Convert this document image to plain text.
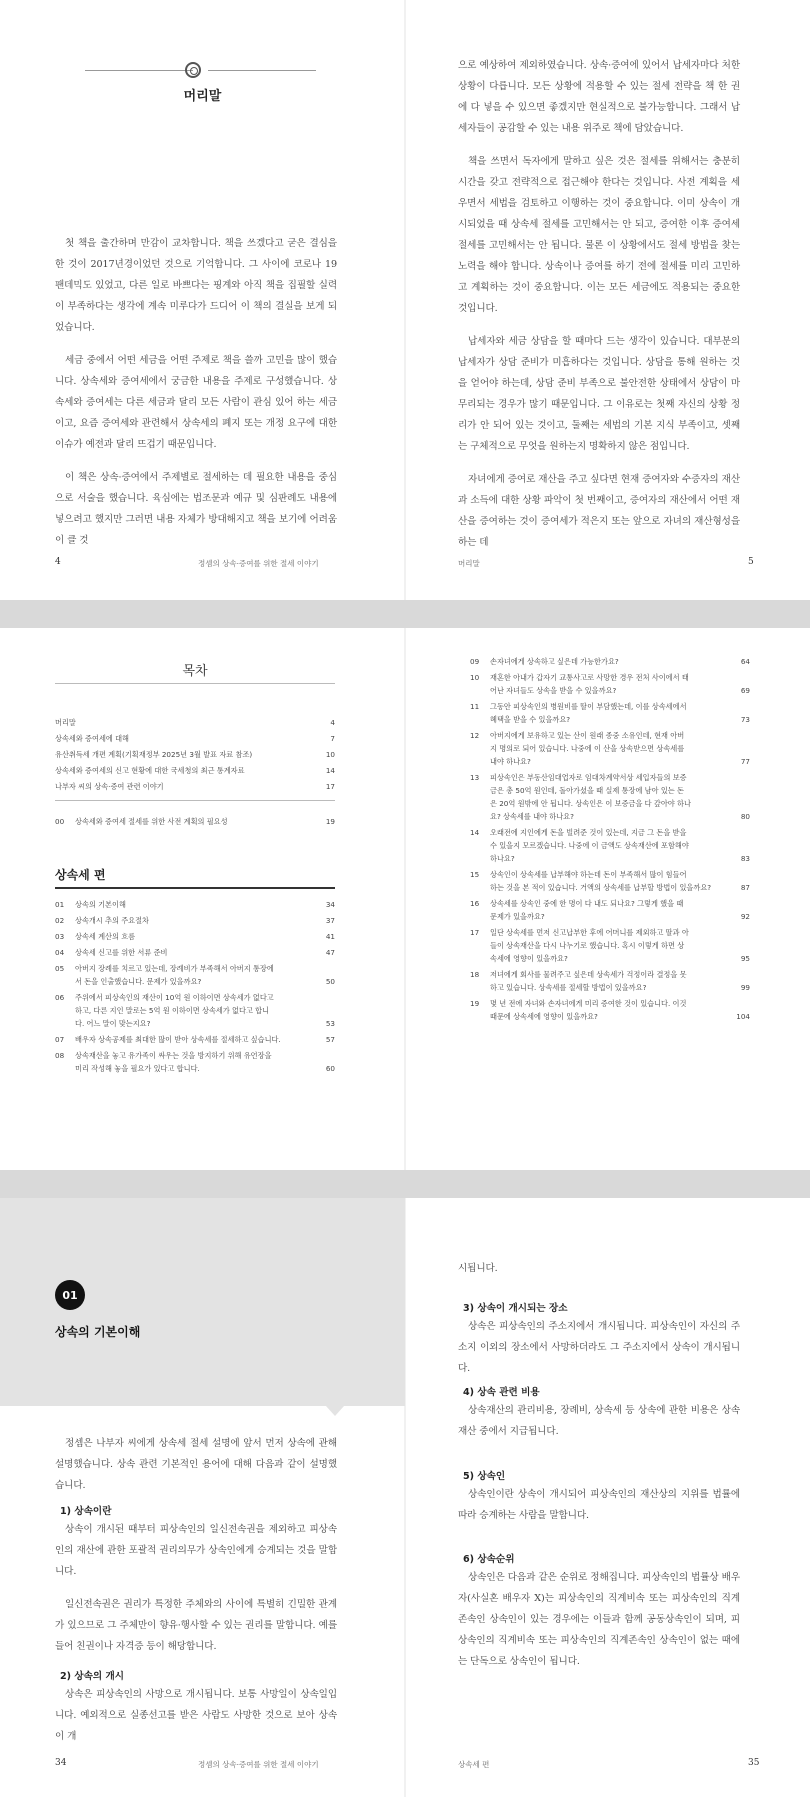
머리말

첫 책을 출간하며 만감이 교차합니다. 책을 쓰겠다고 굳은 결심을 한 것이 2017년경이었던 것으로 기억합니다. 그 사이에 코로나 19 팬데믹도 있었고, 다른 일로 바쁘다는 핑계와 아직 책을 집필할 실력이 부족하다는 생각에 계속 미루다가 드디어 이 책의 결실을 보게 되었습니다.

세금 중에서 어떤 세금을 어떤 주제로 책을 쓸까 고민을 많이 했습니다. 상속세와 증여세에서 궁금한 내용을 주제로 구성했습니다. 상속세와 증여세는 다른 세금과 달리 모든 사람이 관심 있어 하는 세금이고, 요즘 증여세와 관련해서 상속세의 폐지 또는 개정 요구에 대한 이슈가 예전과 달리 뜨겁기 때문입니다.

이 책은 상속·증여에서 주제별로 절세하는 데 필요한 내용을 중심으로 서술을 했습니다. 육심에는 법조문과 예규 및 심판례도 내용에 넣으려고 했지만 그러면 내용 자체가 방대해지고 책을 보기에 어려움이 클 것

4	정셈의 상속·증여를 위한 절세 이야기

으로 예상하여 제외하였습니다. 상속·증여에 있어서 납세자마다 처한 상황이 다릅니다. 모든 상황에 적용할 수 있는 절세 전략을 책 한 권에 다 넣을 수 있으면 좋겠지만 현실적으로 불가능합니다. 그래서 납세자들이 공감할 수 있는 내용 위주로 책에 담았습니다.

책을 쓰면서 독자에게 말하고 싶은 것은 절세를 위해서는 충분히 시간을 갖고 전략적으로 접근해야 한다는 것입니다. 사전 계획을 세우면서 세법을 검토하고 이행하는 것이 중요합니다. 이미 상속이 개시되었을 때 상속세 절세를 고민해서는 안 되고, 증여한 이후 증여세 절세를 고민해서는 안 됩니다. 물론 이 상황에서도 절세 방법을 찾는 노력을 해야 합니다. 상속이나 증여를 하기 전에 절세를 미리 고민하고 계획하는 것이 중요합니다. 이는 모든 세금에도 적용되는 중요한 것입니다.

납세자와 세금 상담을 할 때마다 드는 생각이 있습니다. 대부분의 납세자가 상담 준비가 미흡하다는 것입니다. 상담을 통해 원하는 것을 얻어야 하는데, 상담 준비 부족으로 불안전한 상태에서 상담이 마무리되는 경우가 많기 때문입니다. 그 이유로는 첫째 자신의 상황 정리가 안 되어 있는 것이고, 둘째는 세법의 기본 지식 부족이고, 셋째는 구체적으로 무엇을 원하는지 명확하지 않은 점입니다.

자녀에게 증여로 재산을 주고 싶다면 현재 증여자와 수증자의 재산과 소득에 대한 상황 파악이 첫 번째이고, 증여자의 재산에서 어떤 재산을 증여하는 것이 증여세가 적은지 또는 앞으로 자녀의 재산형성을 하는 데

머리말	5
목차
머리말	4
상속세와 증여세에 대해	7
유산취득세 개편 계획(기획재정부 2025년 3월 발표 자료 참조)	10
상속세와 증여세의 신고 현황에 대한 국세청의 최근 통계자료	14
나부자 씨의 상속·증여 관련 이야기	17
00	상속세와 증여세 절세를 위한 사전 계획의 필요성	19
상속세 편
01	상속의 기본이해	34
02	상속개시 추의 주요절차	37
03	상속세 계산의 흐름	41
04	상속세 신고를 위한 서류 준비	47
05	아버지 장례를 치르고 있는데, 장례비가 부족해서 아버지 통장에
서 돈을 인출했습니다. 문제가 있을까요?	50
06	주위에서 피상속인의 재산이 10억 원 이하이면 상속세가 없다고
하고, 다른 지인 말로는 5억 원 이하이면 상속세가 없다고 합니
다. 어느 말이 맞는지요?	53
07	배우자 상속공제를 최대한 많이 받아 상속세를 절세하고 싶습니다.	57
08	상속재산을 놓고 유가족이 싸우는 것을 방지하기 위해 유언장을
미리 작성해 놓을 필요가 있다고 합니다.	60
09	손자녀에게 상속하고 싶은데 가능한가요?	64
10	재혼한 아내가 갑자기 교통사고로 사망한 경우 전처 사이에서 태
어난 자녀들도 상속을 받을 수 있을까요?	69
11	그동안 피상속인의 병원비를 딸이 부담했는데, 이를 상속세에서
혜택을 받을 수 있을까요?	73
12	아버지에게 보유하고 있는 산이 원래 종중 소유인데, 현재 아버
지 명의로 되어 있습니다. 나중에 이 산을 상속받으면 상속세를
내야 하나요?	77
13	피상속인은 부동산임대업자로 임대차계약서상 세입자들의 보증
금은 총 50억 원인데, 돌아가셨을 때 실제 통장에 남아 있는 돈
은 20억 원밖에 안 됩니다. 상속인은 이 보증금을 다 갚아야 하나
요? 상속세를 내야 하나요?	80
14	오래전에 지인에게 돈을 빌려준 것이 있는데, 지금 그 돈을 받을
수 있을지 모르겠습니다. 나중에 이 금액도 상속재산에 포함해야
하나요?	83
15	상속인이 상속세를 납부해야 하는데 돈이 부족해서 많이 힘들어
하는 것을 본 적이 있습니다. 거액의 상속세를 납부할 방법이 있을까요?	87
16	상속세를 상속인 중에 한 명이 다 내도 되나요? 그렇게 했을 때
문제가 있을까요?	92
17	일단 상속세를 먼저 신고납부한 후에 어머니를 제외하고 딸과 아
들이 상속재산을 다시 나누기로 했습니다. 혹시 이렇게 하면 상
속세에 영향이 있을까요?	95
18	저녀에게 회사를 물려주고 싶은데 상속세가 걱정이라 결정을 못
하고 있습니다. 상속세를 절세할 방법이 있을까요?	99
19	몇 년 전에 자녀와 손자녀에게 미리 증여한 것이 있습니다. 이것
때문에 상속세에 영향이 있을까요?	104
01
상속의 기본이해

정셈은 나부자 씨에게 상속세 절세 설명에 앞서 먼저 상속에 관해 설명했습니다. 상속 관련 기본적인 용어에 대해 다음과 같이 설명했습니다.

1) 상속이란

상속이 개시된 때부터 피상속인의 일신전속권을 제외하고 피상속인의 재산에 관한 포괄적 권리의무가 상속인에게 승계되는 것을 말합니다.

일신전속권은 권리가 특정한 주체와의 사이에 특별히 긴밀한 관계가 있으므로 그 주체만이 향유·행사할 수 있는 권리를 말합니다. 예를 들어 친권이나 자격증 등이 해당합니다.

2) 상속의 개시

상속은 피상속인의 사망으로 개시됩니다. 보통 사망일이 상속일입니다. 예외적으로 실종선고를 받은 사람도 사망한 것으로 보아 상속이 개

34	정셈의 상속·증여를 위한 절세 이야기

시됩니다.

3) 상속이 개시되는 장소

상속은 피상속인의 주소지에서 개시됩니다. 피상속인이 자신의 주소지 이외의 장소에서 사망하더라도 그 주소지에서 상속이 개시됩니다.

4) 상속 관련 비용

상속재산의 관리비용, 장례비, 상속세 등 상속에 관한 비용은 상속재산 중에서 지급됩니다.

5) 상속인

상속인이란 상속이 개시되어 피상속인의 재산상의 지위를 법률에 따라 승계하는 사람을 말합니다.

6) 상속순위

상속인은 다음과 같은 순위로 정해집니다. 피상속인의 법률상 배우자(사실혼 배우자 X)는 피상속인의 직계비속 또는 피상속인의 직계존속인 상속인이 있는 경우에는 이들과 함께 공동상속인이 되며, 피상속인의 직계비속 또는 피상속인의 직계존속인 상속인이 없는 때에는 단독으로 상속인이 됩니다.

상속세 편	35
